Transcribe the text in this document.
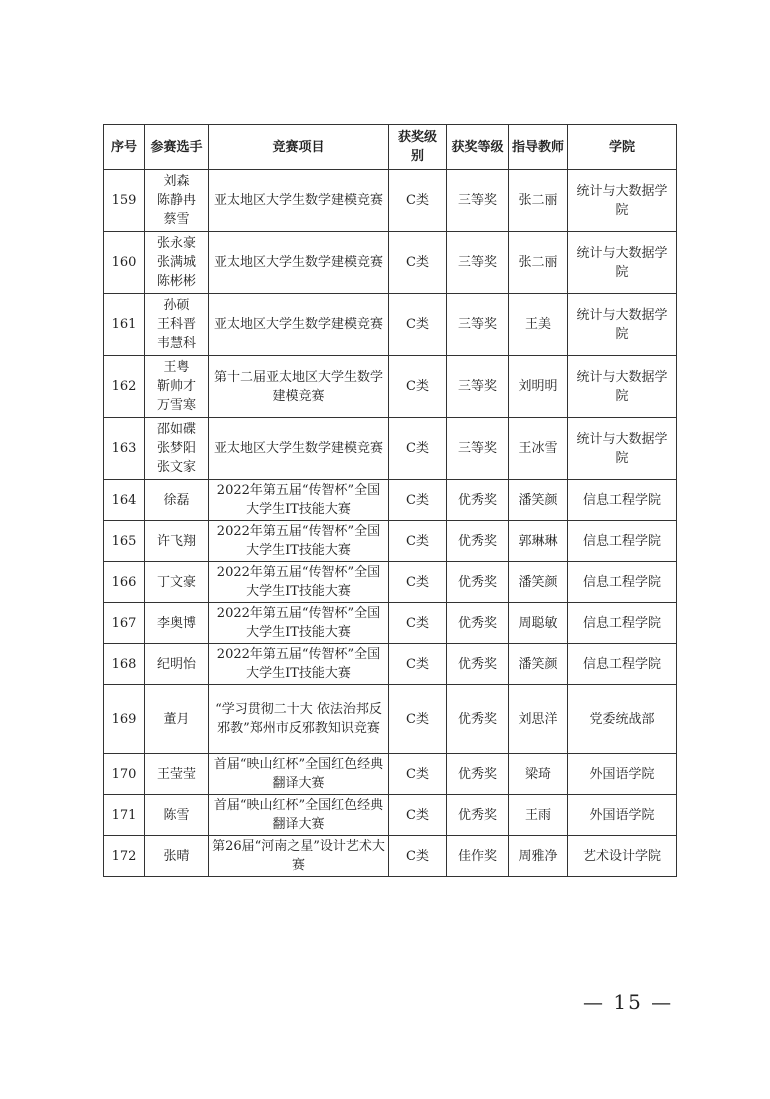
序号	参赛选手	竞赛项目	获奖级别	获奖等级	指导教师	学院
159	刘森
陈静冉
蔡雪	亚太地区大学生数学建模竞赛	C类	三等奖	张二丽	统计与大数据学院
160	张永豪
张满城
陈彬彬	亚太地区大学生数学建模竞赛	C类	三等奖	张二丽	统计与大数据学院
161	孙硕
王科晋
韦慧科	亚太地区大学生数学建模竞赛	C类	三等奖	王美	统计与大数据学院
162	王粤
靳帅才
万雪寒	第十二届亚太地区大学生数学建模竞赛	C类	三等奖	刘明明	统计与大数据学院
163	邵如碟
张梦阳
张文家	亚太地区大学生数学建模竞赛	C类	三等奖	王冰雪	统计与大数据学院
164	徐磊	2022年第五届“传智杯”全国大学生IT技能大赛	C类	优秀奖	潘笑颜	信息工程学院
165	许飞翔	2022年第五届“传智杯”全国大学生IT技能大赛	C类	优秀奖	郭琳琳	信息工程学院
166	丁文豪	2022年第五届“传智杯”全国大学生IT技能大赛	C类	优秀奖	潘笑颜	信息工程学院
167	李奥博	2022年第五届“传智杯”全国大学生IT技能大赛	C类	优秀奖	周聪敏	信息工程学院
168	纪明怡	2022年第五届“传智杯”全国大学生IT技能大赛	C类	优秀奖	潘笑颜	信息工程学院
169	董月	“学习贯彻二十大 依法治邦反邪教”郑州市反邪教知识竞赛	C类	优秀奖	刘思洋	党委统战部
170	王莹莹	首届“映山红杯”全国红色经典翻译大赛	C类	优秀奖	梁琦	外国语学院
171	陈雪	首届“映山红杯”全国红色经典翻译大赛	C类	优秀奖	王雨	外国语学院
172	张晴	第26届“河南之星”设计艺术大赛	C类	佳作奖	周雅净	艺术设计学院
— 15 —
